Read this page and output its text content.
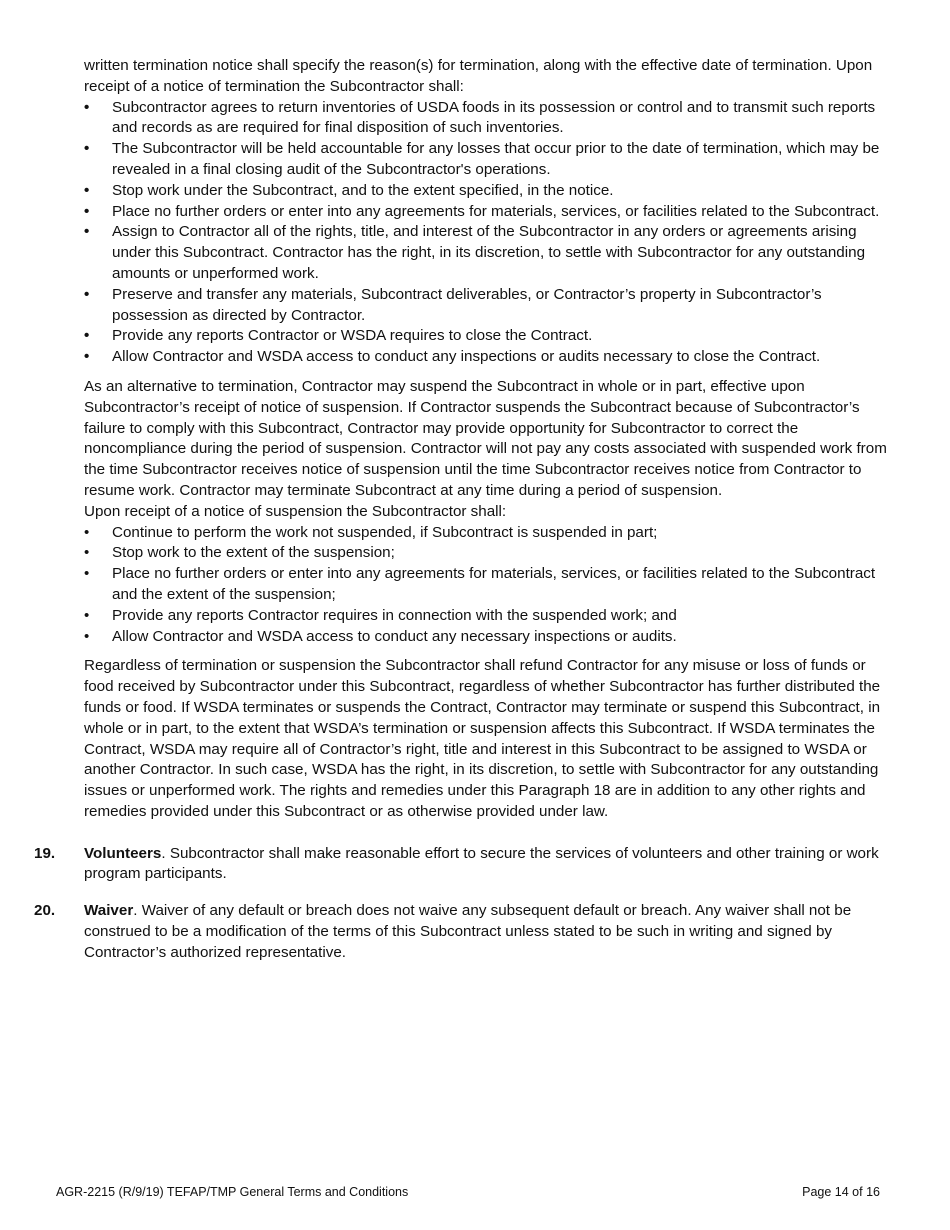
written termination notice shall specify the reason(s) for termination, along with the effective date of termination. Upon receipt of a notice of termination the Subcontractor shall:

•	Subcontractor agrees to return inventories of USDA foods in its possession or control and to transmit such reports and records as are required for final disposition of such inventories.
•	The Subcontractor will be held accountable for any losses that occur prior to the date of termination, which may be revealed in a final closing audit of the Subcontractor's operations.
•	Stop work under the Subcontract, and to the extent specified, in the notice.
•	Place no further orders or enter into any agreements for materials, services, or facilities related to the Subcontract.
•	Assign to Contractor all of the rights, title, and interest of the Subcontractor in any orders or agreements arising under this Subcontract. Contractor has the right, in its discretion, to settle with Subcontractor for any outstanding amounts or unperformed work.
•	Preserve and transfer any materials, Subcontract deliverables, or Contractor’s property in Subcontractor’s possession as directed by Contractor.
•	Provide any reports Contractor or WSDA requires to close the Contract.
•	Allow Contractor and WSDA access to conduct any inspections or audits necessary to close the Contract.

As an alternative to termination, Contractor may suspend the Subcontract in whole or in part, effective upon Subcontractor’s receipt of notice of suspension. If Contractor suspends the Subcontract because of Subcontractor’s failure to comply with this Subcontract, Contractor may provide opportunity for Subcontractor to correct the noncompliance during the period of suspension. Contractor will not pay any costs associated with suspended work from the time Subcontractor receives notice of suspension until the time Subcontractor receives notice from Contractor to resume work. Contractor may terminate Subcontract at any time during a period of suspension.

Upon receipt of a notice of suspension the Subcontractor shall:

•	Continue to perform the work not suspended, if Subcontract is suspended in part;
•	Stop work to the extent of the suspension;
•	Place no further orders or enter into any agreements for materials, services, or facilities related to the Subcontract and the extent of the suspension;
•	Provide any reports Contractor requires in connection with the suspended work; and
•	Allow Contractor and WSDA access to conduct any necessary inspections or audits.

Regardless of termination or suspension the Subcontractor shall refund Contractor for any misuse or loss of funds or food received by Subcontractor under this Subcontract, regardless of whether Subcontractor has further distributed the funds or food. If WSDA terminates or suspends the Contract, Contractor may terminate or suspend this Subcontract, in whole or in part, to the extent that WSDA’s termination or suspension affects this Subcontract. If WSDA terminates the Contract, WSDA may require all of Contractor’s right, title and interest in this Subcontract to be assigned to WSDA or another Contractor. In such case, WSDA has the right, in its discretion, to settle with Subcontractor for any outstanding issues or unperformed work. The rights and remedies under this Paragraph 18 are in addition to any other rights and remedies provided under this Subcontract or as otherwise provided under law.

19. Volunteers. Subcontractor shall make reasonable effort to secure the services of volunteers and other training or work program participants.

20. Waiver. Waiver of any default or breach does not waive any subsequent default or breach. Any waiver shall not be construed to be a modification of the terms of this Subcontract unless stated to be such in writing and signed by Contractor’s authorized representative.

AGR-2215 (R/9/19) TEFAP/TMP General Terms and Conditions	Page 14 of 16
